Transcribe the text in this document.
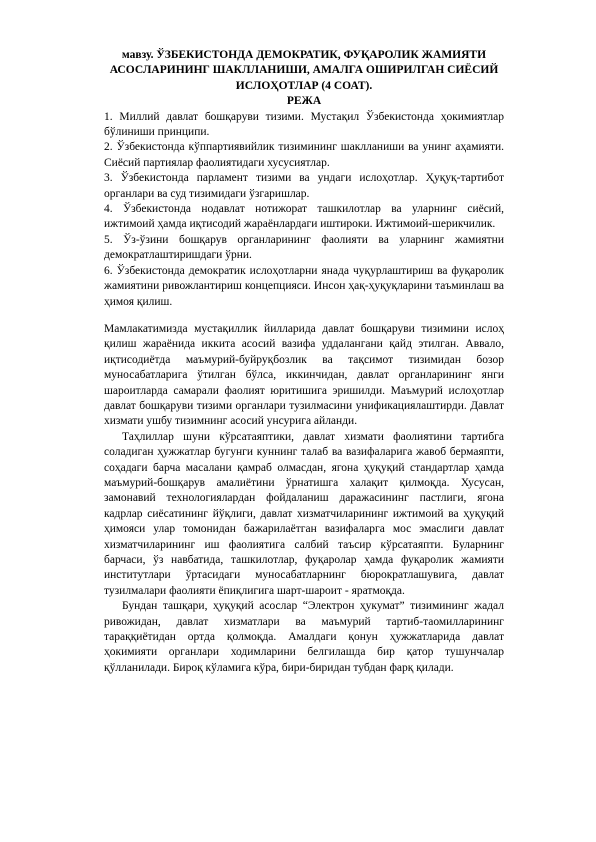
мавзу. ЎЗБЕКИСТОНДА ДЕМОКРАТИК, ФУҚАРОЛИК ЖАМИЯТИ АСОСЛАРИНИНГ ШАКЛЛАНИШИ, АМАЛГА ОШИРИЛГАН СИЁСИЙ ИСЛОҲОТЛАР (4 СОАТ).

РЕЖА

1. Миллий давлат бошқаруви тизими. Мустақил Ўзбекистонда ҳокимиятлар бўлиниши принципи.

2. Ўзбекистонда кўппартиявийлик тизимининг шаклланиши ва унинг аҳамияти. Сиёсий партиялар фаолиятидаги хусусиятлар.

3. Ўзбекистонда парламент тизими ва ундаги ислоҳотлар. Ҳуқуқ-тартибот органлари ва суд тизимидаги ўзгаришлар.

4. Ўзбекистонда нодавлат нотижорат ташкилотлар ва уларнинг сиёсий, ижтимоий ҳамда иқтисодий жараёнлардаги иштироки. Ижтимоий-шерикчилик.

5. Ўз-ўзини бошқарув органларининг фаолияти ва уларнинг жамиятни демократлаштиришдаги ўрни.

6. Ўзбекистонда демократик ислоҳотларни янада чуқурлаштириш ва фуқаролик жамиятини ривожлантириш концепцияси. Инсон ҳақ-ҳуқуқларини таъминлаш ва ҳимоя қилиш.

Мамлакатимизда мустақиллик йилларида давлат бошқаруви тизимини ислоҳ қилиш жараёнида иккита асосий вазифа уддалангани қайд этилган. Аввало, иқтисодиётда маъмурий-буйруқбозлик ва тақсимот тизимидан бозор муносабатларига ўтилган бўлса, иккинчидан, давлат органларининг янги шароитларда самарали фаолият юритишига эришилди. Маъмурий ислоҳотлар давлат бошқаруви тизими органлари тузилмасини унификациялаштирди. Давлат хизмати ушбу тизимнинг асосий унсурига айланди.

Таҳлиллар шуни кўрсатаяптики, давлат хизмати фаолиятини тартибга соладиган ҳужжатлар бугунги куннинг талаб ва вазифаларига жавоб бермаяпти, соҳадаги барча масалани қамраб олмасдан, ягона ҳуқуқий стандартлар ҳамда маъмурий-бошқарув амалиётини ўрнатишга халақит қилмоқда. Хусусан, замонавий технологиялардан фойдаланиш даражасининг пастлиги, ягона кадрлар сиёсатининг йўқлиги, давлат хизматчиларининг ижтимоий ва ҳуқуқий ҳимояси улар томонидан бажарилаётган вазифаларга мос эмаслиги давлат хизматчиларининг иш фаолиятига салбий таъсир кўрсатаяпти. Буларнинг барчаси, ўз навбатида, ташкилотлар, фуқаролар ҳамда фуқаролик жамияти институтлари ўртасидаги муносабатларнинг бюрократлашувига, давлат тузилмалари фаолияти ёпиқлигига шарт-шароит - яратмоқда.

Бундан ташқари, ҳуқуқий асослар “Электрон ҳукумат” тизимининг жадал ривожидан, давлат хизматлари ва маъмурий тартиб-таомилларининг тараққиётидан ортда қолмоқда. Амалдаги қонун ҳужжатларида давлат ҳокимияти органлари ходимларини белгилашда бир қатор тушунчалар қўлланилади. Бироқ кўламига кўра, бири-биридан тубдан фарқ қилади.
